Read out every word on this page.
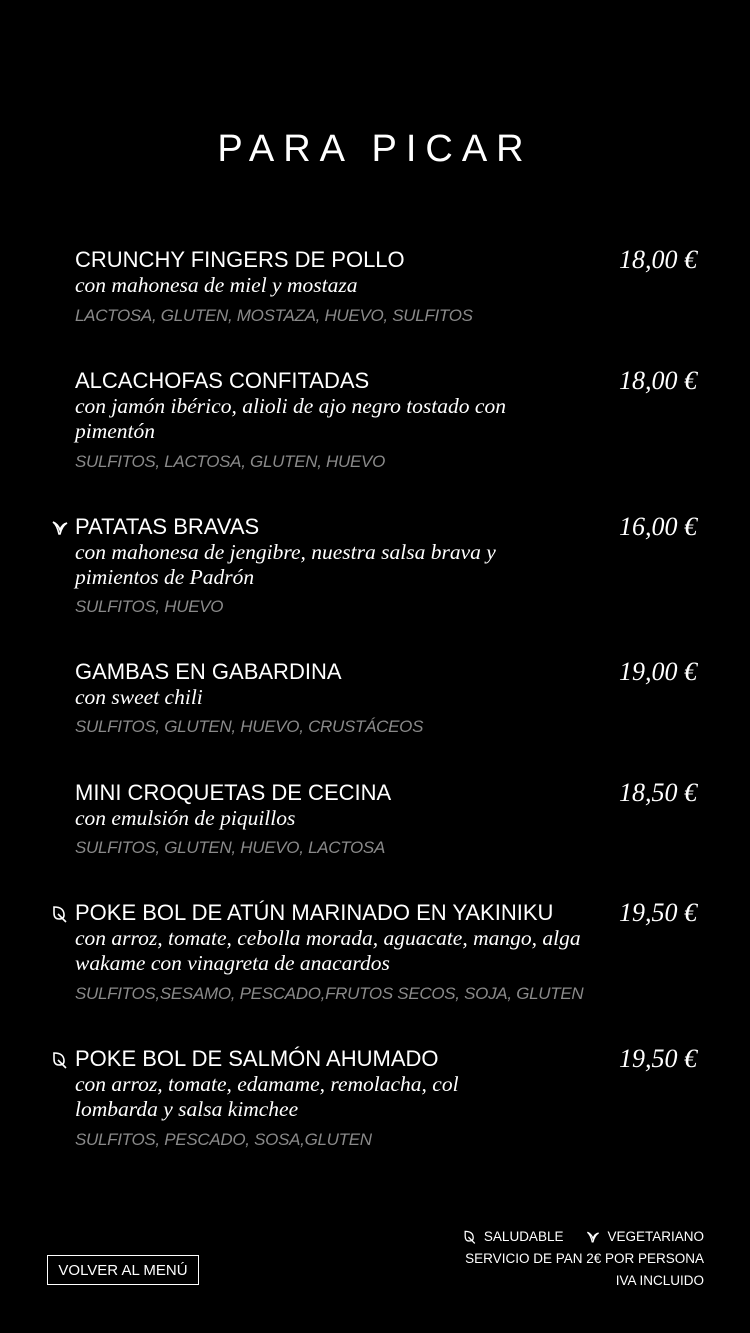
PARA PICAR
CRUNCHY FINGERS DE POLLO
con mahonesa de miel y mostaza
LACTOSA, GLUTEN, MOSTAZA, HUEVO, SULFITOS
18,00 €
ALCACHOFAS CONFITADAS
con jamón ibérico, alioli de ajo negro tostado con pimentón
SULFITOS, LACTOSA, GLUTEN, HUEVO
18,00 €
PATATAS BRAVAS
con mahonesa de jengibre, nuestra salsa brava y pimientos de Padrón
SULFITOS, HUEVO
16,00 €
GAMBAS EN GABARDINA
con sweet chili
SULFITOS, GLUTEN, HUEVO, CRUSTÁCEOS
19,00 €
MINI CROQUETAS DE CECINA
con emulsión de piquillos
SULFITOS, GLUTEN, HUEVO, LACTOSA
18,50 €
POKE BOL DE ATÚN MARINADO EN YAKINIKU
con arroz, tomate, cebolla morada, aguacate, mango, alga wakame con vinagreta de anacardos
SULFITOS,SESAMO, PESCADO,FRUTOS SECOS, SOJA, GLUTEN
19,50 €
POKE BOL DE SALMÓN AHUMADO
con arroz, tomate, edamame, remolacha, col lombarda y salsa kimchee
SULFITOS, PESCADO, SOSA,GLUTEN
19,50 €
VOLVER AL MENÚ
SALUDABLE	VEGETARIANO
SERVICIO DE PAN 2€ POR PERSONA
IVA INCLUIDO
